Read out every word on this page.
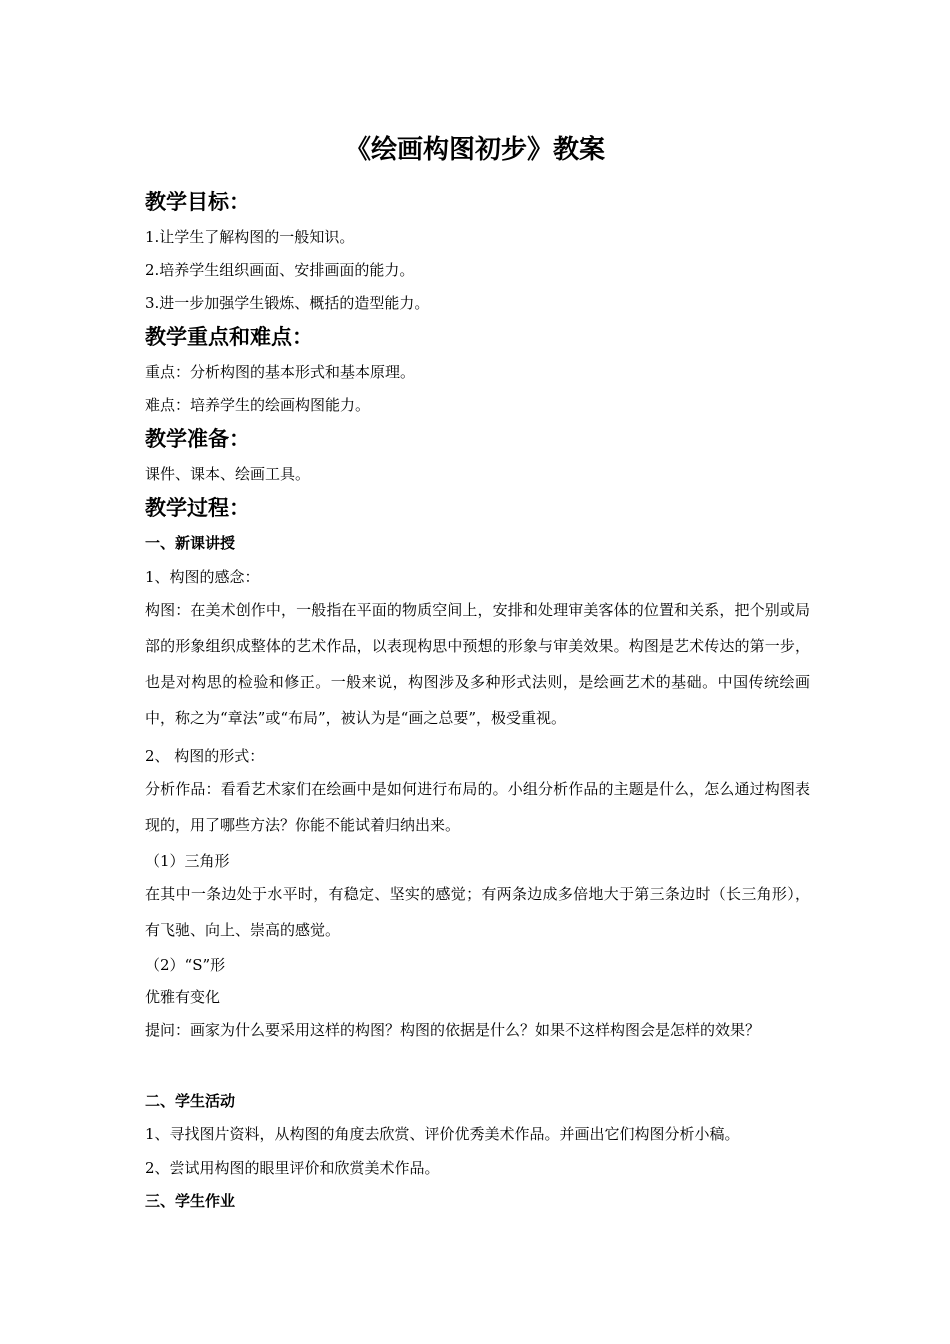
《绘画构图初步》教案
教学目标：
1.让学生了解构图的一般知识。
2.培养学生组织画面、安排画面的能力。
3.进一步加强学生锻炼、概括的造型能力。
教学重点和难点：
重点：分析构图的基本形式和基本原理。
难点：培养学生的绘画构图能力。
教学准备：
课件、课本、绘画工具。
教学过程：
一、新课讲授
1、构图的感念：
构图：在美术创作中，一般指在平面的物质空间上，安排和处理审美客体的位置和关系，把个别或局部的形象组织成整体的艺术作品，以表现构思中预想的形象与审美效果。构图是艺术传达的第一步，也是对构思的检验和修正。一般来说，构图涉及多种形式法则，是绘画艺术的基础。中国传统绘画中，称之为“章法”或“布局”，被认为是“画之总要”，极受重视。
2、 构图的形式：
分析作品：看看艺术家们在绘画中是如何进行布局的。小组分析作品的主题是什么，怎么通过构图表现的，用了哪些方法？你能不能试着归纳出来。
（1）三角形
在其中一条边处于水平时，有稳定、坚实的感觉；有两条边成多倍地大于第三条边时（长三角形），有飞驰、向上、崇高的感觉。
（2）“S”形
优雅有变化
提问：画家为什么要采用这样的构图？构图的依据是什么？如果不这样构图会是怎样的效果？
二、学生活动
1、寻找图片资料，从构图的角度去欣赏、评价优秀美术作品。并画出它们构图分析小稿。
2、尝试用构图的眼里评价和欣赏美术作品。
三、学生作业
